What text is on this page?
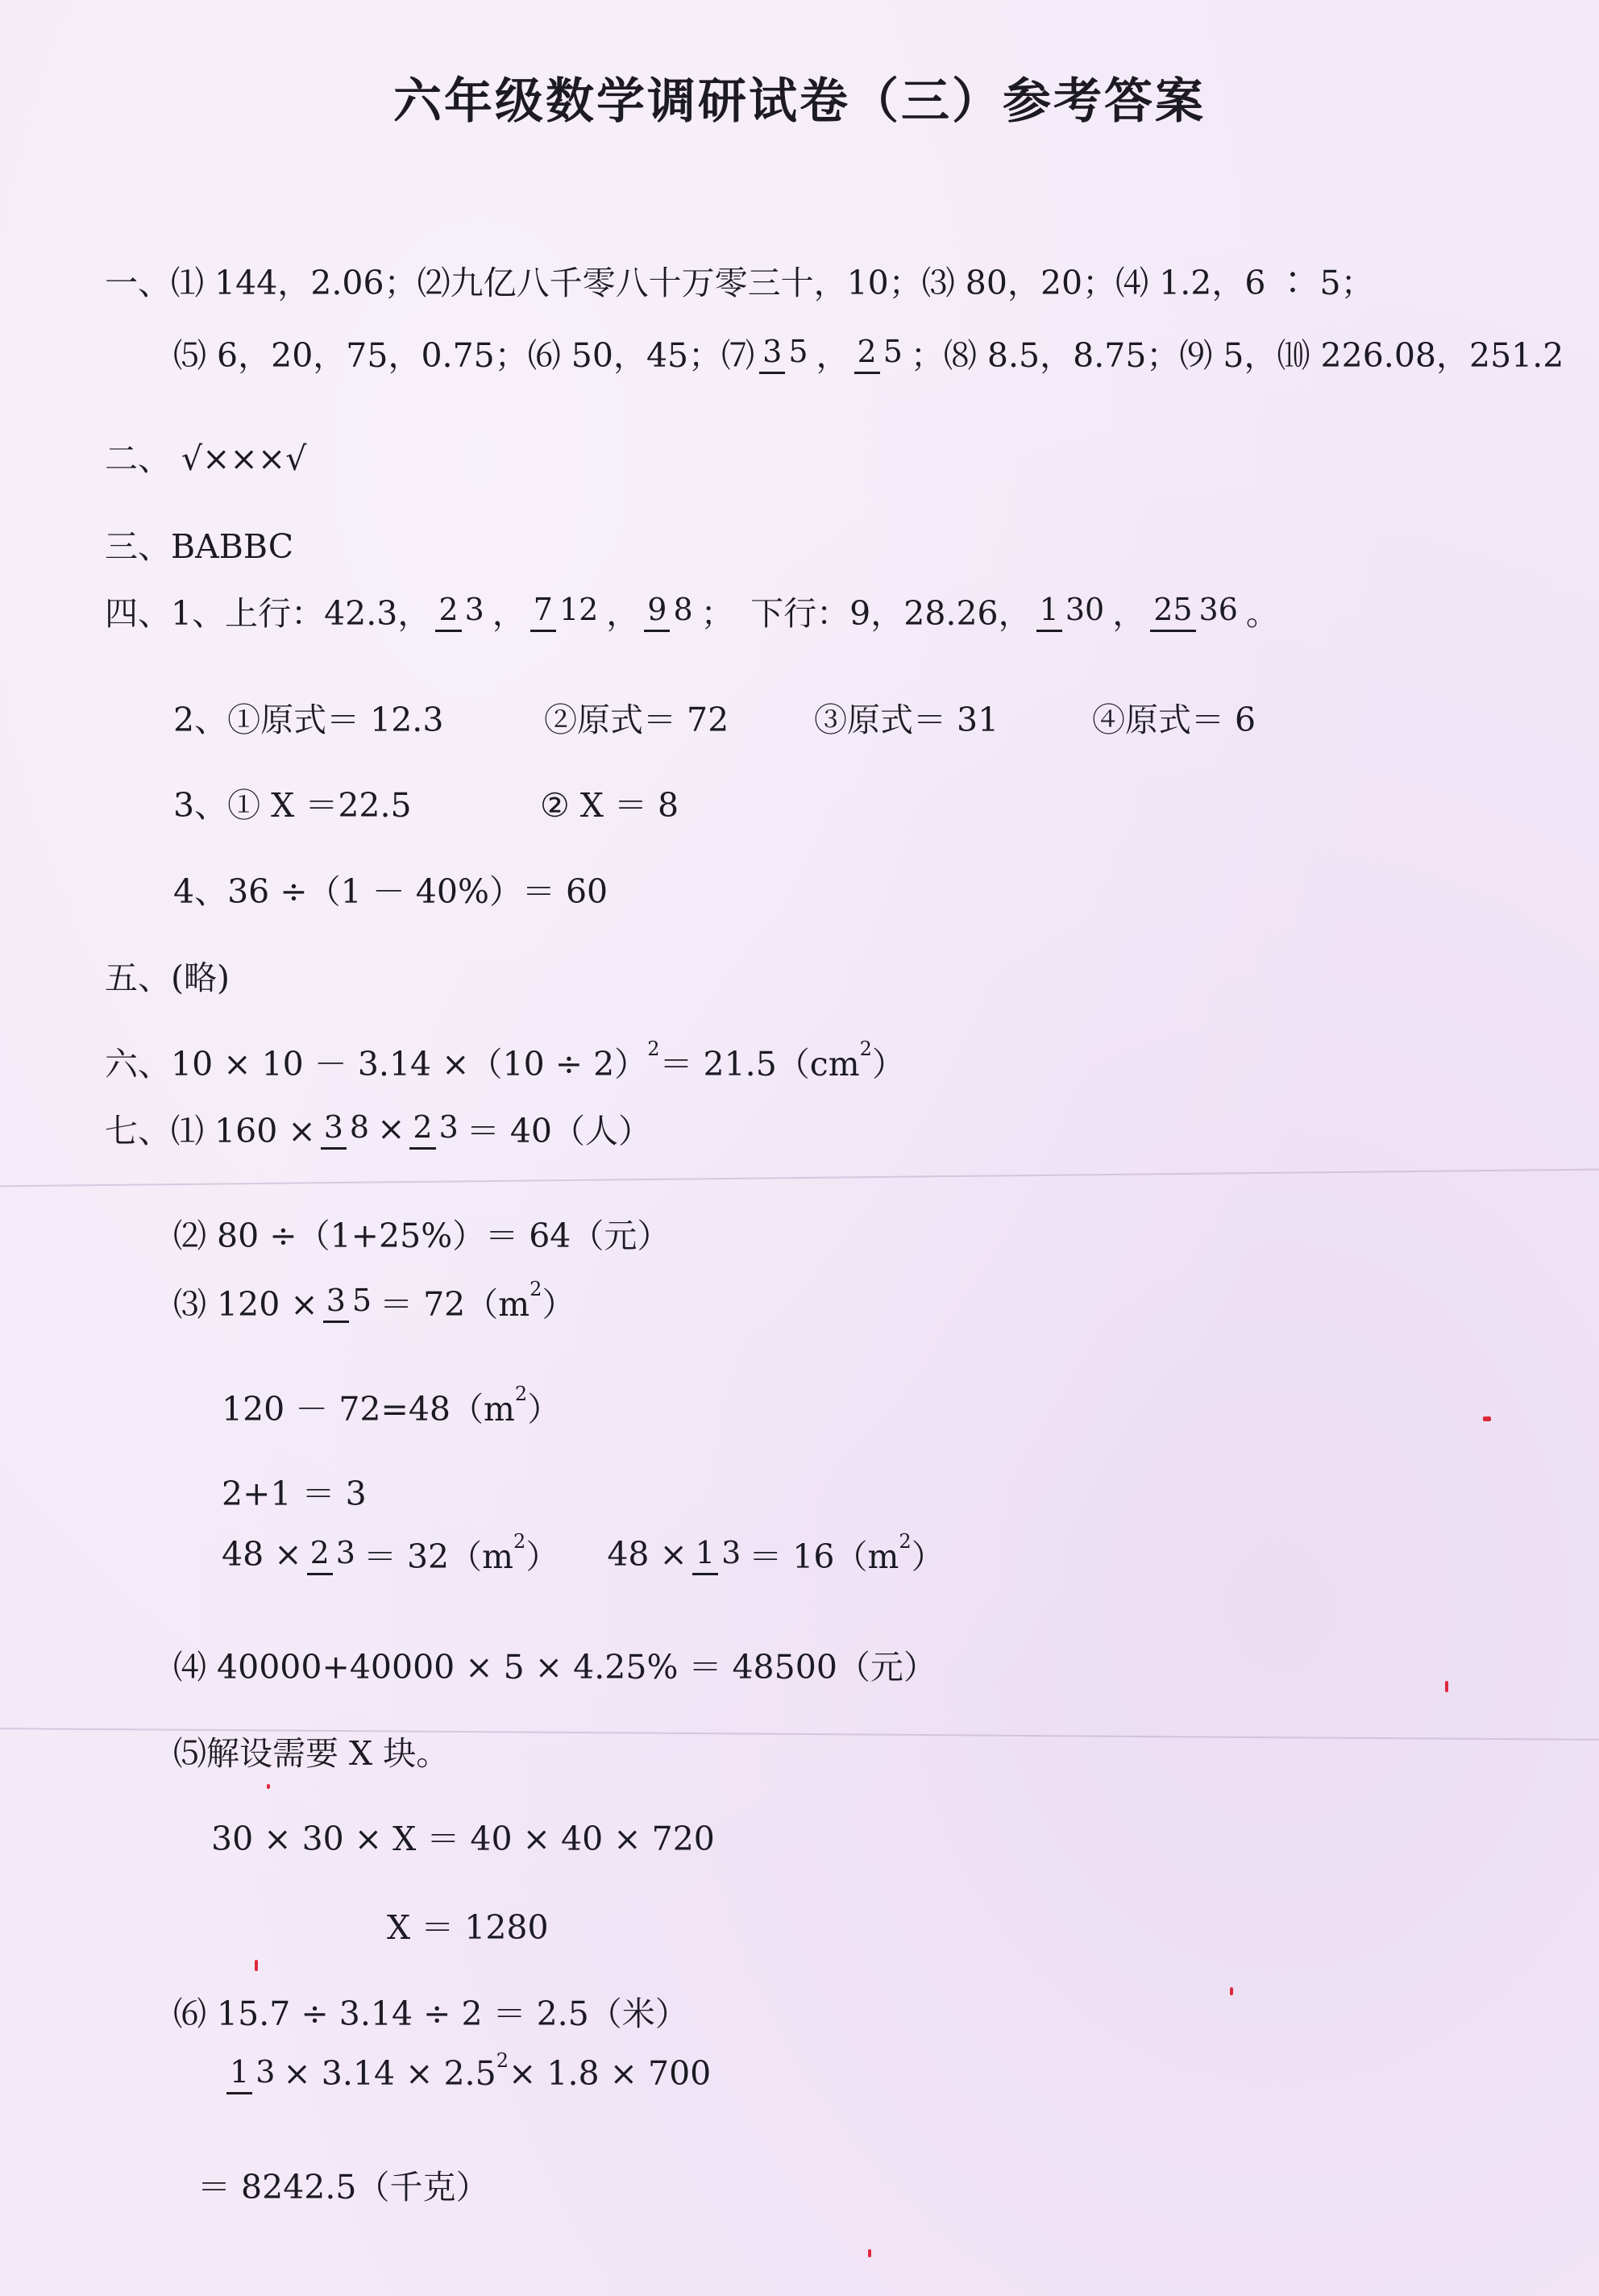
六年级数学调研试卷（三）参考答案
一、⑴ 144，2.06；⑵九亿八千零八十万零三十，10；⑶ 80，20；⑷ 1.2，6 ∶ 5；
⑸ 6，20，75，0.75；⑹ 50，45；⑺ 3 5 ， 2 5 ；⑻ 8.5，8.75；⑼ 5，⑽ 226.08，251.2
二、 √×××√
三、BABBC
四、1、上行：42.3， 2 3 ， 7 12 ， 9 8 ；　下行：9，28.26， 1 30 ， 25 36 。
2、①原式＝ 12.3	②原式＝ 72	③原式＝ 31	④原式＝ 6
3、① X ＝22.5	② X ＝ 8
4、36 ÷（1 － 40%）＝ 60
五、(略)
六、10 × 10 － 3.14 ×（10 ÷ 2） 2 ＝ 21.5（cm 2 ）
七、⑴ 160 × 3 8 × 2 3 ＝ 40（人）
⑵ 80 ÷（1+25%）＝ 64（元）
⑶ 120 × 3 5 ＝ 72（m 2 ）
120 － 72=48（m 2 ）
2+1 ＝ 3
48 × 2 3 ＝ 32（m 2 ） 48 × 1 3 ＝ 16（m 2 ）
⑷ 40000+40000 × 5 × 4.25% ＝ 48500（元）
⑸解设需要 X 块。
30 × 30 × X ＝ 40 × 40 × 720
X ＝ 1280
⑹ 15.7 ÷ 3.14 ÷ 2 ＝ 2.5（米）
1 3 × 3.14 × 2.5 2 × 1.8 × 700
＝ 8242.5（千克）
